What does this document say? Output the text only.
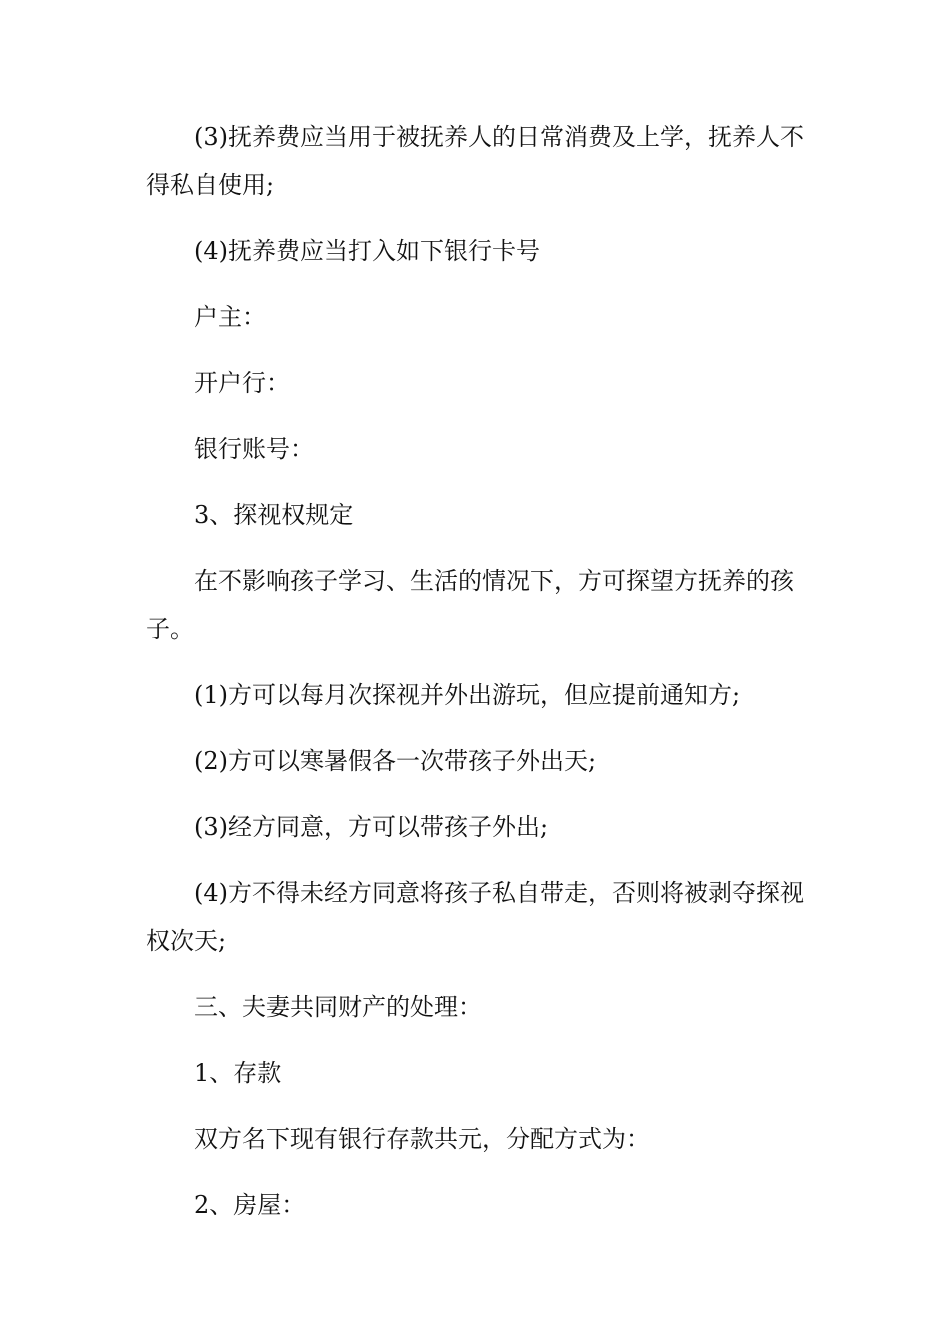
(3)抚养费应当用于被抚养人的日常消费及上学，抚养人不得私自使用;

(4)抚养费应当打入如下银行卡号

户主：

开户行：

银行账号：

3、探视权规定

在不影响孩子学习、生活的情况下，方可探望方抚养的孩子。

(1)方可以每月次探视并外出游玩，但应提前通知方;

(2)方可以寒暑假各一次带孩子外出天;

(3)经方同意，方可以带孩子外出;

(4)方不得未经方同意将孩子私自带走，否则将被剥夺探视权次天;

三、夫妻共同财产的处理：

1、存款

双方名下现有银行存款共元，分配方式为：

2、房屋：
